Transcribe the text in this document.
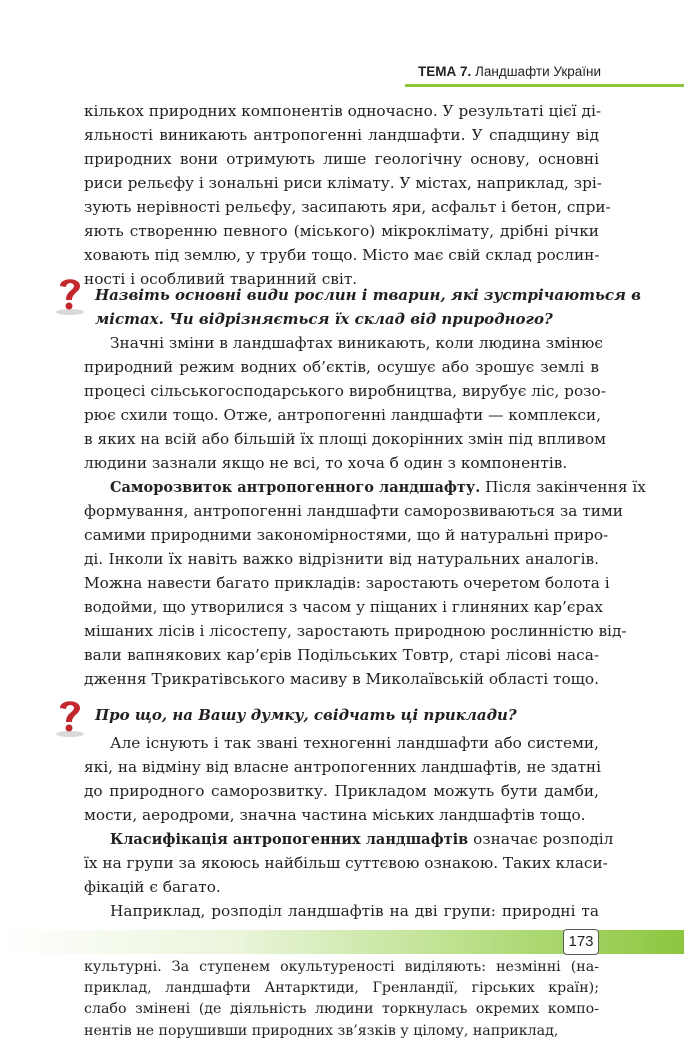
ТЕМА 7. Ландшафти України
кількох природних компонентів одночасно. У результаті цієї ді-
яльності виникають антропогенні ландшафти. У спадщину від
природних вони отримують лише геологічну основу, основні
риси рельєфу і зональні риси клімату. У містах, наприклад, зрі-
зують нерівності рельєфу, засипають яри, асфальт і бетон, спри-
яють створенню певного (міського) мікроклімату, дрібні річки
ховають під землю, у труби тощо. Місто має свій склад рослин-
ності і особливий тваринний світ.
Назвіть основні види рослин і тварин, які зустрічаються в
містах. Чи відрізняється їх склад від природного?
Значні зміни в ландшафтах виникають, коли людина змінює
природний режим водних об’єктів, осушує або зрошує землі в
процесі сільськогосподарського виробництва, вирубує ліс, розо-
рює схили тощо. Отже, антропогенні ландшафти — комплекси,
в яких на всій або більшій їх площі докорінних змін під впливом
людини зазнали якщо не всі, то хоча б один з компонентів.
Саморозвиток антропогенного ландшафту. Після закінчення їх
формування, антропогенні ландшафти саморозвиваються за тими
самими природними закономірностями, що й натуральні приро-
ді. Інколи їх навіть важко відрізнити від натуральних аналогів.
Можна навести багато прикладів: заростають очеретом болота і
водойми, що утворилися з часом у піщаних і глиняних кар’єрах
мішаних лісів і лісостепу, заростають природною рослинністю від-
вали вапнякових кар’єрів Подільських Товтр, старі лісові наса-
дження Трикратівського масиву в Миколаївській області тощо.
Про що, на Вашу думку, свідчать ці приклади?
Але існують і так звані техногенні ландшафти або системи,
які, на відміну від власне антропогенних ландшафтів, не здатні
до природного саморозвитку. Прикладом можуть бути дамби,
мости, аеродроми, значна частина міських ландшафтів тощо.
Класифікація антропогенних ландшафтів означає розподіл
їх на групи за якоюсь найбільш суттєвою ознакою. Таких класи-
фікацій є багато.
Наприклад, розподіл ландшафтів на дві групи: природні та
173
культурні. За ступенем окультуреності виділяють: незмінні (на-
приклад, ландшафти Антарктиди, Гренландії, гірських країн);
слабо змінені (де діяльність людини торкнулась окремих компо-
нентів не порушивши природних зв’язків у цілому, наприклад,
